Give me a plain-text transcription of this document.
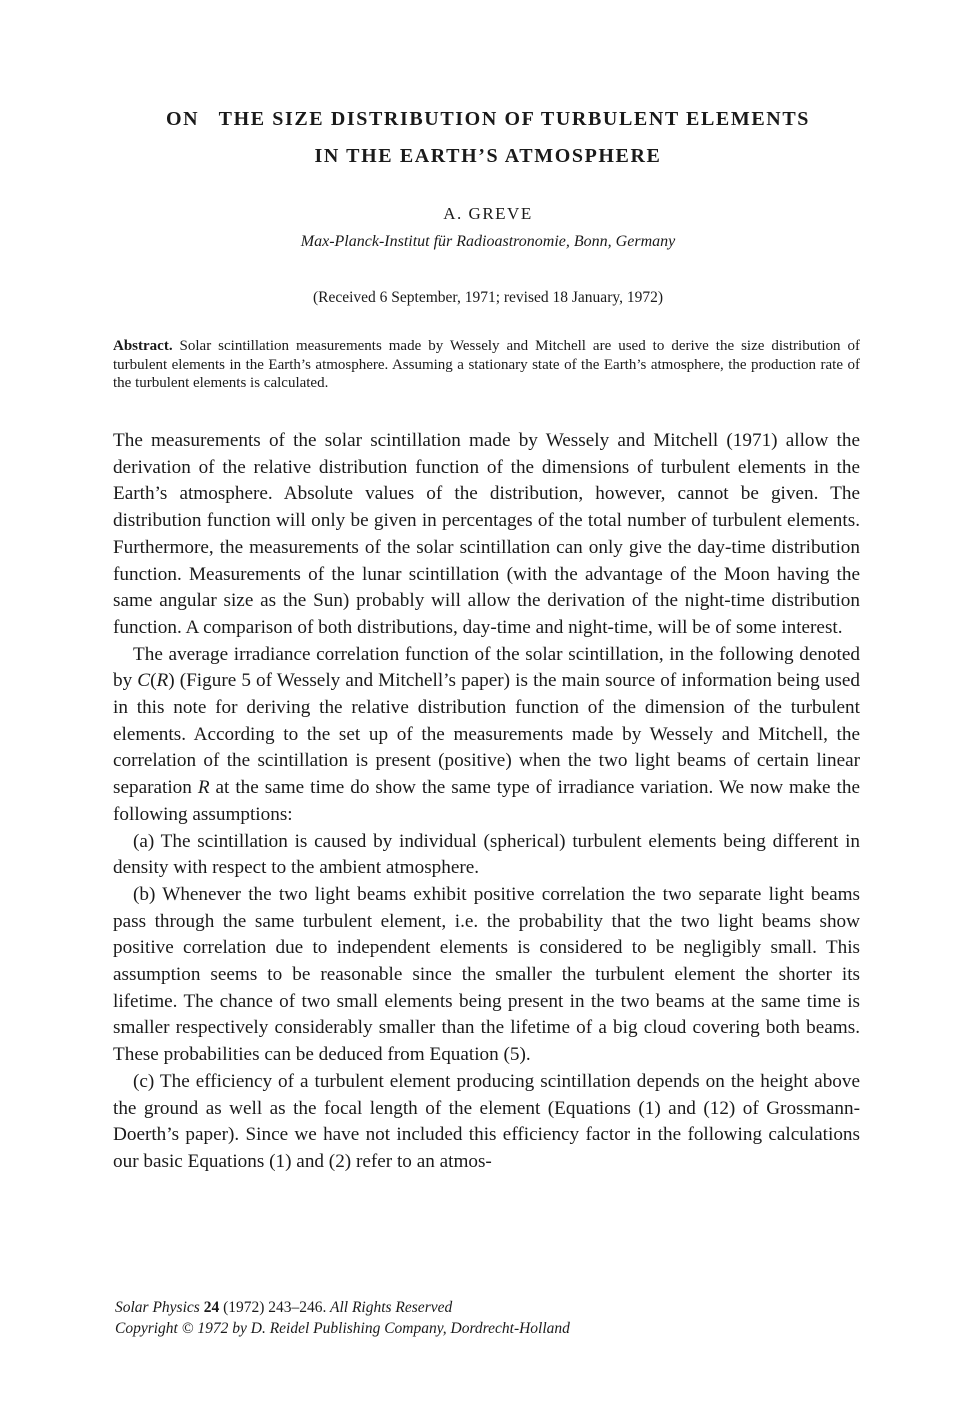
ON   THE SIZE DISTRIBUTION OF TURBULENT ELEMENTS
IN THE EARTH’S ATMOSPHERE
A. GREVE
Max-Planck-Institut für Radioastronomie, Bonn, Germany
(Received 6 September, 1971; revised 18 January, 1972)
Abstract. Solar scintillation measurements made by Wessely and Mitchell are used to derive the size distribution of turbulent elements in the Earth’s atmosphere. Assuming a stationary state of the Earth’s atmosphere, the production rate of the turbulent elements is calculated.

The measurements of the solar scintillation made by Wessely and Mitchell (1971) allow the derivation of the relative distribution function of the dimensions of turbulent elements in the Earth’s atmosphere. Absolute values of the distribution, however, cannot be given. The distribution function will only be given in percentages of the total number of turbulent elements. Furthermore, the measurements of the solar scintillation can only give the day-time distribution function. Measurements of the lunar scintillation (with the advantage of the Moon having the same angular size as the Sun) probably will allow the derivation of the night-time distribution function. A comparison of both distributions, day-time and night-time, will be of some interest.

The average irradiance correlation function of the solar scintillation, in the following denoted by C(R) (Figure 5 of Wessely and Mitchell’s paper) is the main source of information being used in this note for deriving the relative distribution function of the dimension of the turbulent elements. According to the set up of the measurements made by Wessely and Mitchell, the correlation of the scintillation is present (positive) when the two light beams of certain linear separation R at the same time do show the same type of irradiance variation. We now make the following assumptions:

(a) The scintillation is caused by individual (spherical) turbulent elements being different in density with respect to the ambient atmosphere.

(b) Whenever the two light beams exhibit positive correlation the two separate light beams pass through the same turbulent element, i.e. the probability that the two light beams show positive correlation due to independent elements is considered to be negligibly small. This assumption seems to be reasonable since the smaller the turbulent element the shorter its lifetime. The chance of two small elements being present in the two beams at the same time is smaller respectively considerably smaller than the lifetime of a big cloud covering both beams. These probabilities can be deduced from Equation (5).

(c) The efficiency of a turbulent element producing scintillation depends on the height above the ground as well as the focal length of the element (Equations (1) and (12) of Grossmann-Doerth’s paper). Since we have not included this efficiency factor in the following calculations our basic Equations (1) and (2) refer to an atmos-

Solar Physics 24 (1972) 243–246. All Rights Reserved
Copyright © 1972 by D. Reidel Publishing Company, Dordrecht-Holland
